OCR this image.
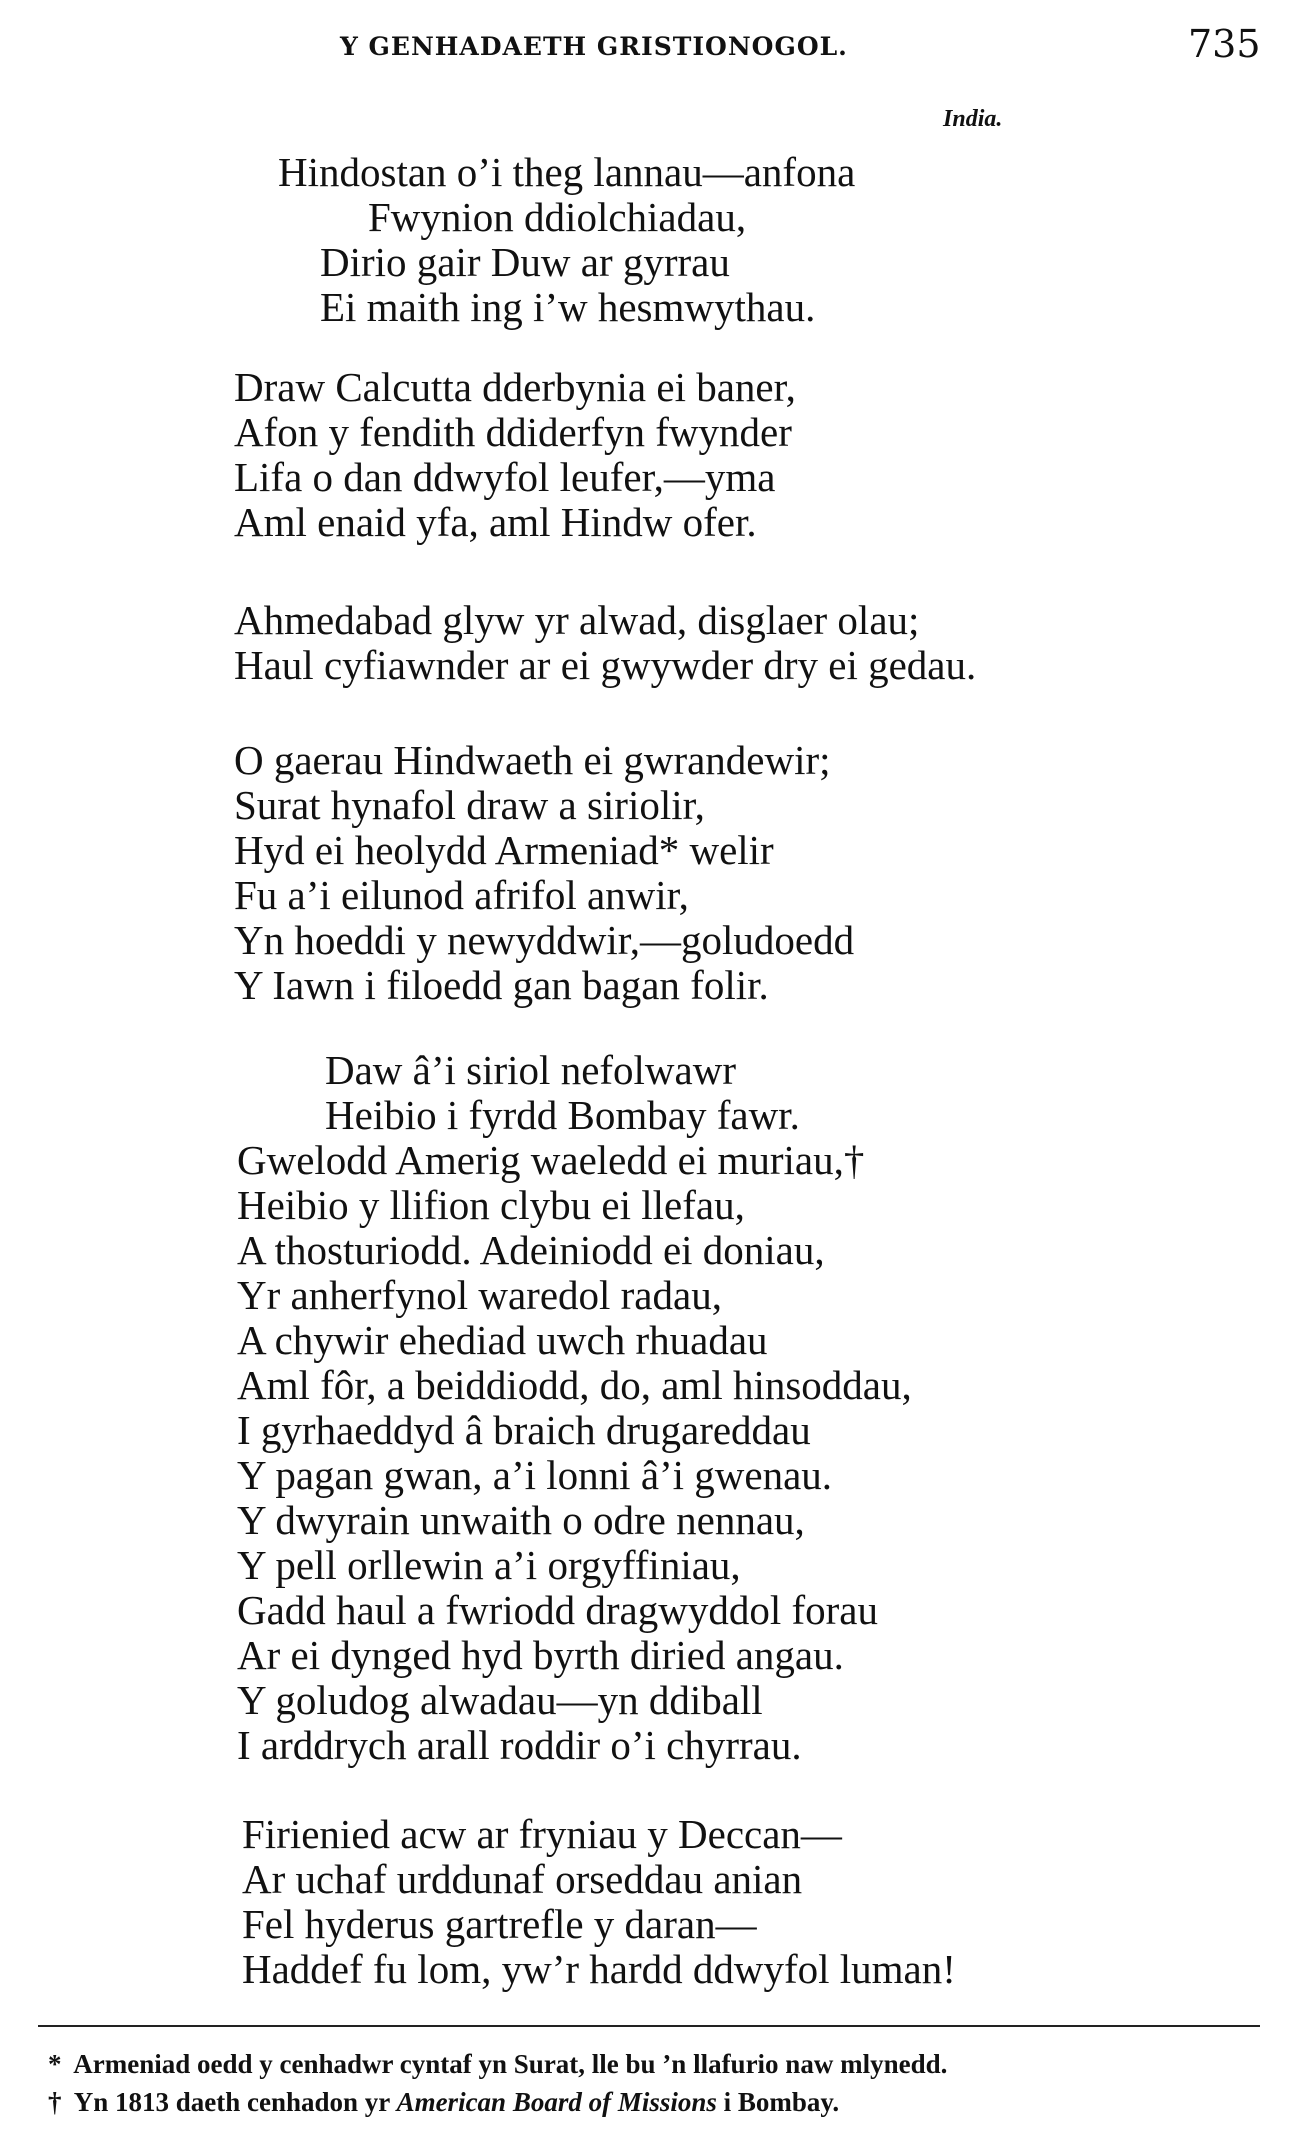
Y GENHADAETH GRISTIONOGOL.	735
India.
Hindostan o’i theg lannau—anfona
Fwynion ddiolchiadau,
Dirio gair Duw ar gyrrau
Ei maith ing i’w hesmwythau.
Draw Calcutta dderbynia ei baner,
Afon y fendith ddiderfyn fwynder
Lifa o dan ddwyfol leufer,—yma
Aml enaid yfa, aml Hindw ofer.
Ahmedabad glyw yr alwad, disglaer olau;
Haul cyfiawnder ar ei gwywder dry ei gedau.
O gaerau Hindwaeth ei gwrandewir;
Surat hynafol draw a siriolir,
Hyd ei heolydd Armeniad* welir
Fu a’i eilunod afrifol anwir,
Yn hoeddi y newyddwir,—goludoedd
Y Iawn i filoedd gan bagan folir.
Daw â’i siriol nefolwawr
Heibio i fyrdd Bombay fawr.
Gwelodd Amerig waeledd ei muriau,†
Heibio y llifion clybu ei llefau,
A thosturiodd. Adeiniodd ei doniau,
Yr anherfynol waredol radau,
A chywir ehediad uwch rhuadau
Aml fôr, a beiddiodd, do, aml hinsoddau,
I gyrhaeddyd â braich drugareddau
Y pagan gwan, a’i lonni â’i gwenau.
Y dwyrain unwaith o odre nennau,
Y pell orllewin a’i orgyffiniau,
Gadd haul a fwriodd dragwyddol forau
Ar ei dynged hyd byrth diried angau.
Y goludog alwadau—yn ddiball
I arddrych arall roddir o’i chyrrau.
Firienied acw ar fryniau y Deccan—
Ar uchaf urddunaf orseddau anian
Fel hyderus gartrefle y daran—
Haddef fu lom, yw’r hardd ddwyfol luman!
* Armeniad oedd y cenhadwr cyntaf yn Surat, lle bu ’n llafurio naw mlynedd.
† Yn 1813 daeth cenhadon yr American Board of Missions i Bombay.
